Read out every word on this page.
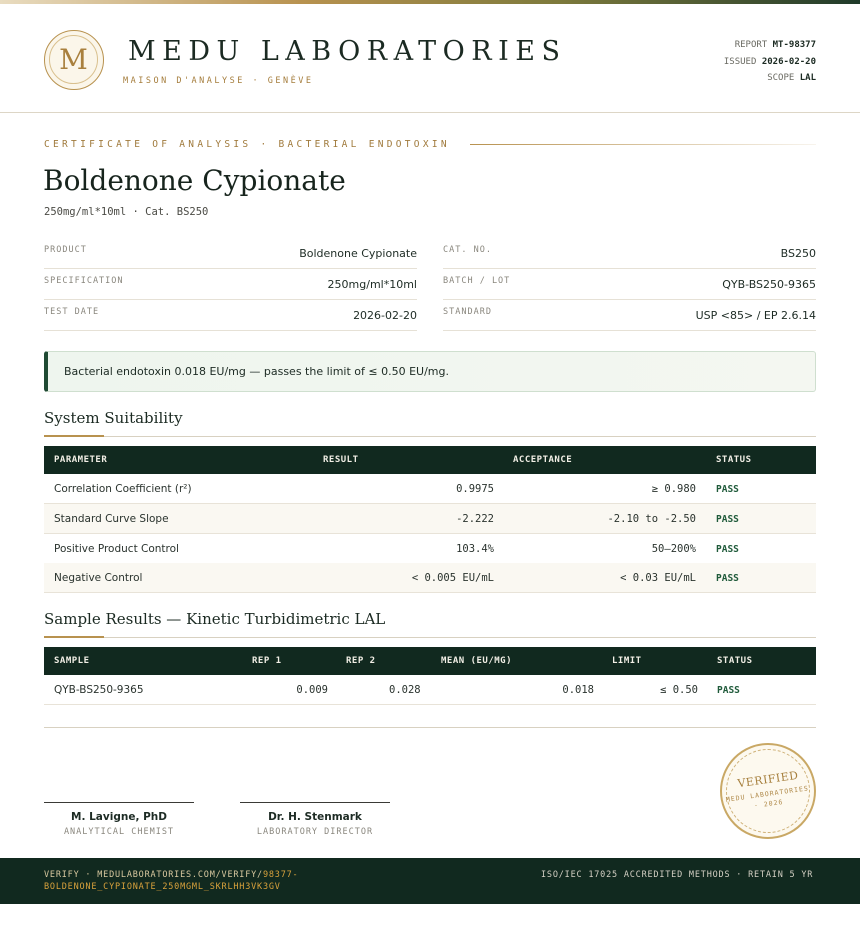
M	MEDU LABORATORIES
MAISON D'ANALYSE · GENÈVE
REPORT MT-98377
ISSUED 2026-02-20
SCOPE LAL
CERTIFICATE OF ANALYSIS · BACTERIAL ENDOTOXIN
Boldenone Cypionate
250mg/ml*10ml · Cat. BS250
PRODUCT	Boldenone Cypionate
SPECIFICATION	250mg/ml*10ml
TEST DATE	2026-02-20
CAT. NO.	BS250
BATCH / LOT	QYB-BS250-9365
STANDARD	USP <85> / EP 2.6.14
Bacterial endotoxin 0.018 EU/mg — passes the limit of ≤ 0.50 EU/mg.
System Suitability
PARAMETER	RESULT	ACCEPTANCE	STATUS
Correlation Coefficient (r²)	0.9975	≥ 0.980 PASS
Standard Curve Slope	-2.222	-2.10 to -2.50 PASS
Positive Product Control	103.4%	50–200% PASS
Negative Control	< 0.005 EU/mL	< 0.03 EU/mL PASS
Sample Results — Kinetic Turbidimetric LAL
SAMPLE	REP 1	REP 2	MEAN (EU/MG)	LIMIT	STATUS
QYB-BS250-9365	0.009	0.028	0.018	≤ 0.50 PASS
M. Lavigne, PhD
ANALYTICAL CHEMIST
Dr. H. Stenmark
LABORATORY DIRECTOR
VERIFIED
MEDU LABORATORIES · 2026
VERIFY · MEDULABORATORIES.COM/VERIFY/98377-BOLDENONE_CYPIONATE_250MGML_SKRLHH3VK3GV
ISO/IEC 17025 ACCREDITED METHODS · RETAIN 5 YR
